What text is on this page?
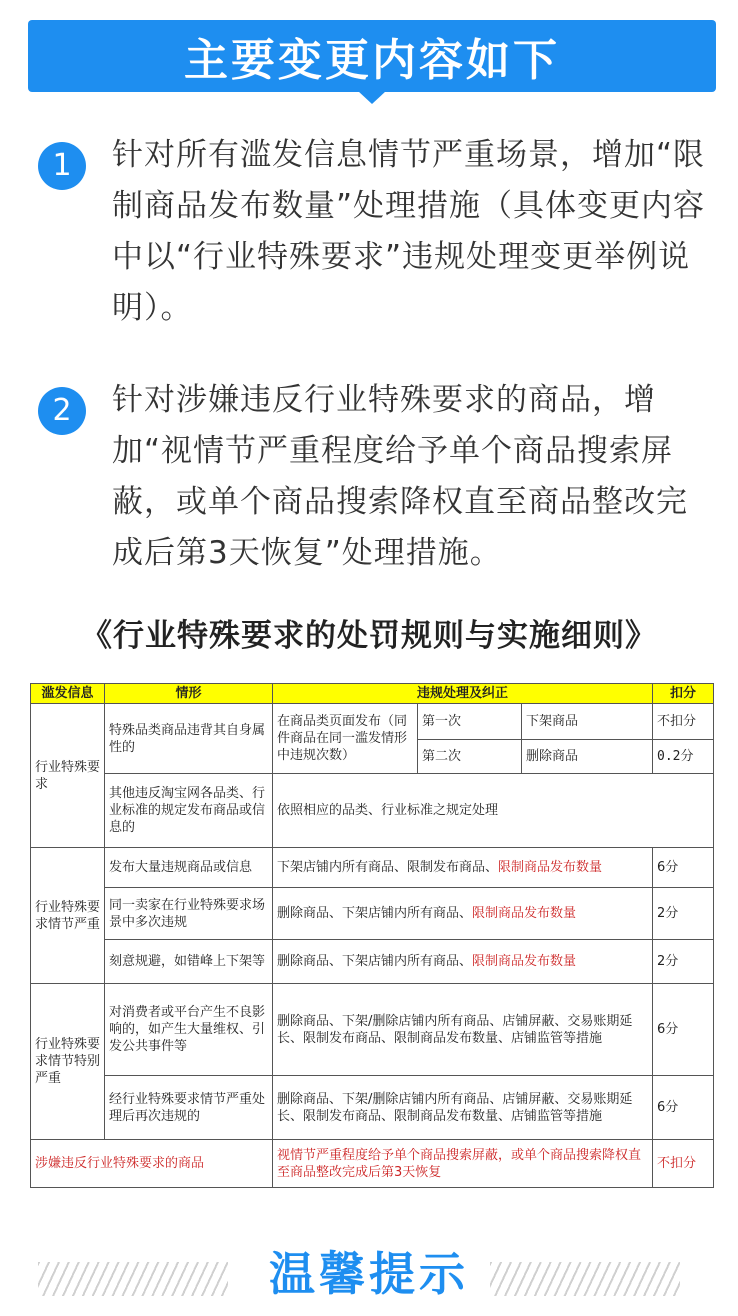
主要变更内容如下
1	针对所有滥发信息情节严重场景，增加“限制商品发布数量”处理措施（具体变更内容中以“行业特殊要求”违规处理变更举例说明）。
2	针对涉嫌违反行业特殊要求的商品，增加“视情节严重程度给予单个商品搜索屏蔽，或单个商品搜索降权直至商品整改完成后第3天恢复”处理措施。
《行业特殊要求的处罚规则与实施细则》
滥发信息	情形	违规处理及纠正			扣分
行业特殊要求	特殊品类商品违背其自身属性的	在商品类页面发布（同件商品在同一滥发情形中违规次数）	第一次	下架商品	不扣分
			第二次	删除商品	0.2分
	其他违反淘宝网各品类、行业标准的规定发布商品或信息的	依照相应的品类、行业标准之规定处理			
行业特殊要求情节严重	发布大量违规商品或信息	下架店铺内所有商品、限制发布商品、限制商品发布数量			6分
	同一卖家在行业特殊要求场景中多次违规	删除商品、下架店铺内所有商品、限制商品发布数量			2分
	刻意规避，如错峰上下架等	删除商品、下架店铺内所有商品、限制商品发布数量			2分
行业特殊要求情节特别严重	对消费者或平台产生不良影响的，如产生大量维权、引发公共事件等	删除商品、下架/删除店铺内所有商品、店铺屏蔽、交易账期延长、限制发布商品、限制商品发布数量、店铺监管等措施			6分
	经行业特殊要求情节严重处理后再次违规的	删除商品、下架/删除店铺内所有商品、店铺屏蔽、交易账期延长、限制发布商品、限制商品发布数量、店铺监管等措施			6分
涉嫌违反行业特殊要求的商品		视情节严重程度给予单个商品搜索屏蔽，或单个商品搜索降权直至商品整改完成后第3天恢复			不扣分
温馨提示
